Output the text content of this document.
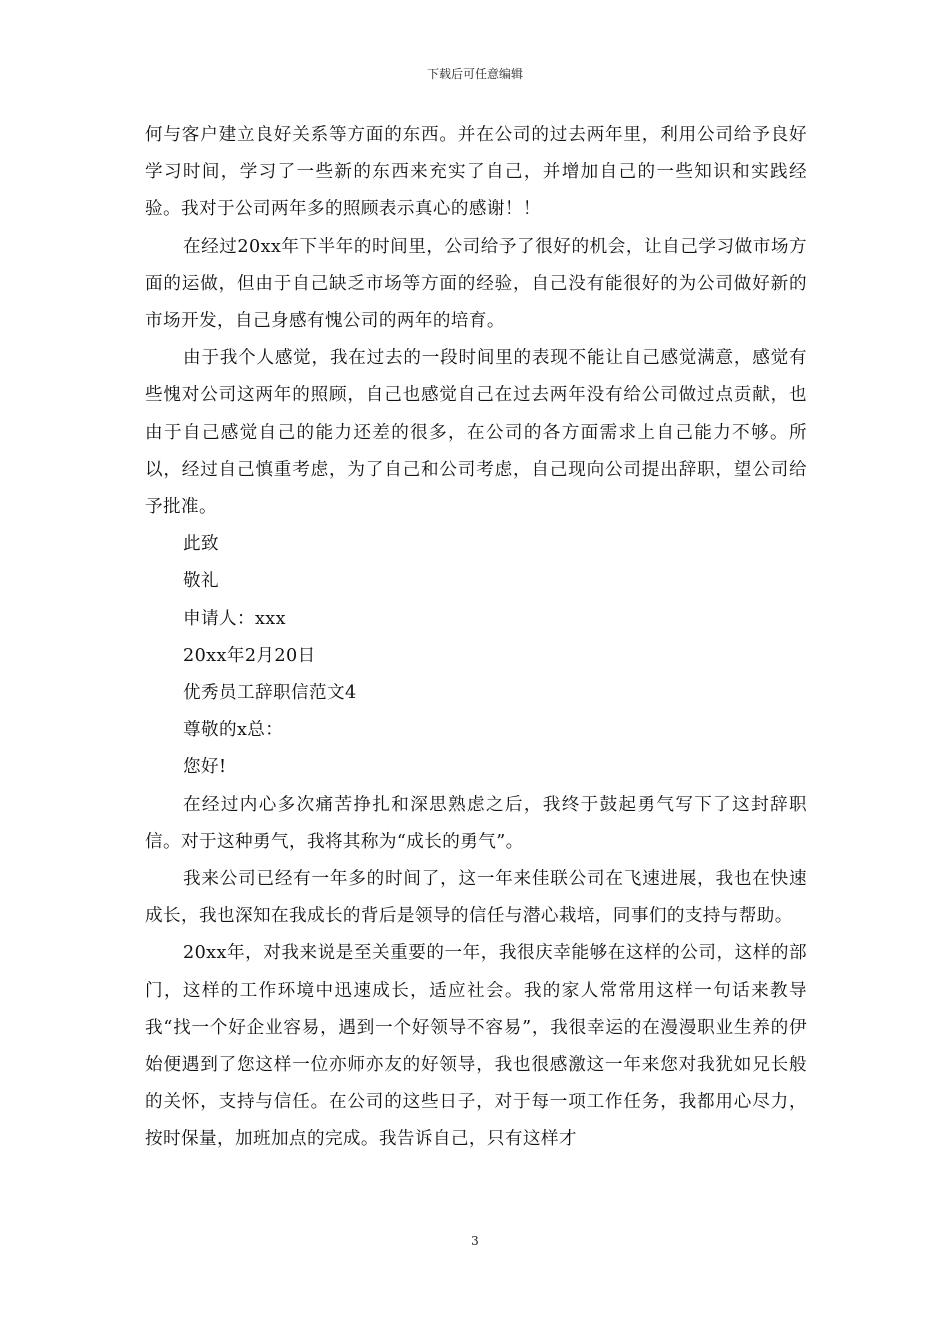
下载后可任意编辑

何与客户建立良好关系等方面的东西。并在公司的过去两年里，利用公司给予良好学习时间，学习了一些新的东西来充实了自己，并增加自己的一些知识和实践经验。我对于公司两年多的照顾表示真心的感谢！！

在经过20xx年下半年的时间里，公司给予了很好的机会，让自己学习做市场方面的运做，但由于自己缺乏市场等方面的经验，自己没有能很好的为公司做好新的市场开发，自己身感有愧公司的两年的培育。

由于我个人感觉，我在过去的一段时间里的表现不能让自己感觉满意，感觉有些愧对公司这两年的照顾，自己也感觉自己在过去两年没有给公司做过点贡献，也由于自己感觉自己的能力还差的很多，在公司的各方面需求上自己能力不够。所以，经过自己慎重考虑，为了自己和公司考虑，自己现向公司提出辞职，望公司给予批准。

此致

敬礼

申请人：xxx

20xx年2月20日

优秀员工辞职信范文4

尊敬的x总：

您好!

在经过内心多次痛苦挣扎和深思熟虑之后，我终于鼓起勇气写下了这封辞职信。对于这种勇气，我将其称为“成长的勇气”。

我来公司已经有一年多的时间了，这一年来佳联公司在飞速进展，我也在快速成长，我也深知在我成长的背后是领导的信任与潜心栽培，同事们的支持与帮助。

20xx年，对我来说是至关重要的一年，我很庆幸能够在这样的公司，这样的部门，这样的工作环境中迅速成长，适应社会。我的家人常常用这样一句话来教导我“找一个好企业容易，遇到一个好领导不容易”，我很幸运的在漫漫职业生养的伊始便遇到了您这样一位亦师亦友的好领导，我也很感激这一年来您对我犹如兄长般的关怀，支持与信任。在公司的这些日子，对于每一项工作任务，我都用心尽力，按时保量，加班加点的完成。我告诉自己，只有这样才

3
